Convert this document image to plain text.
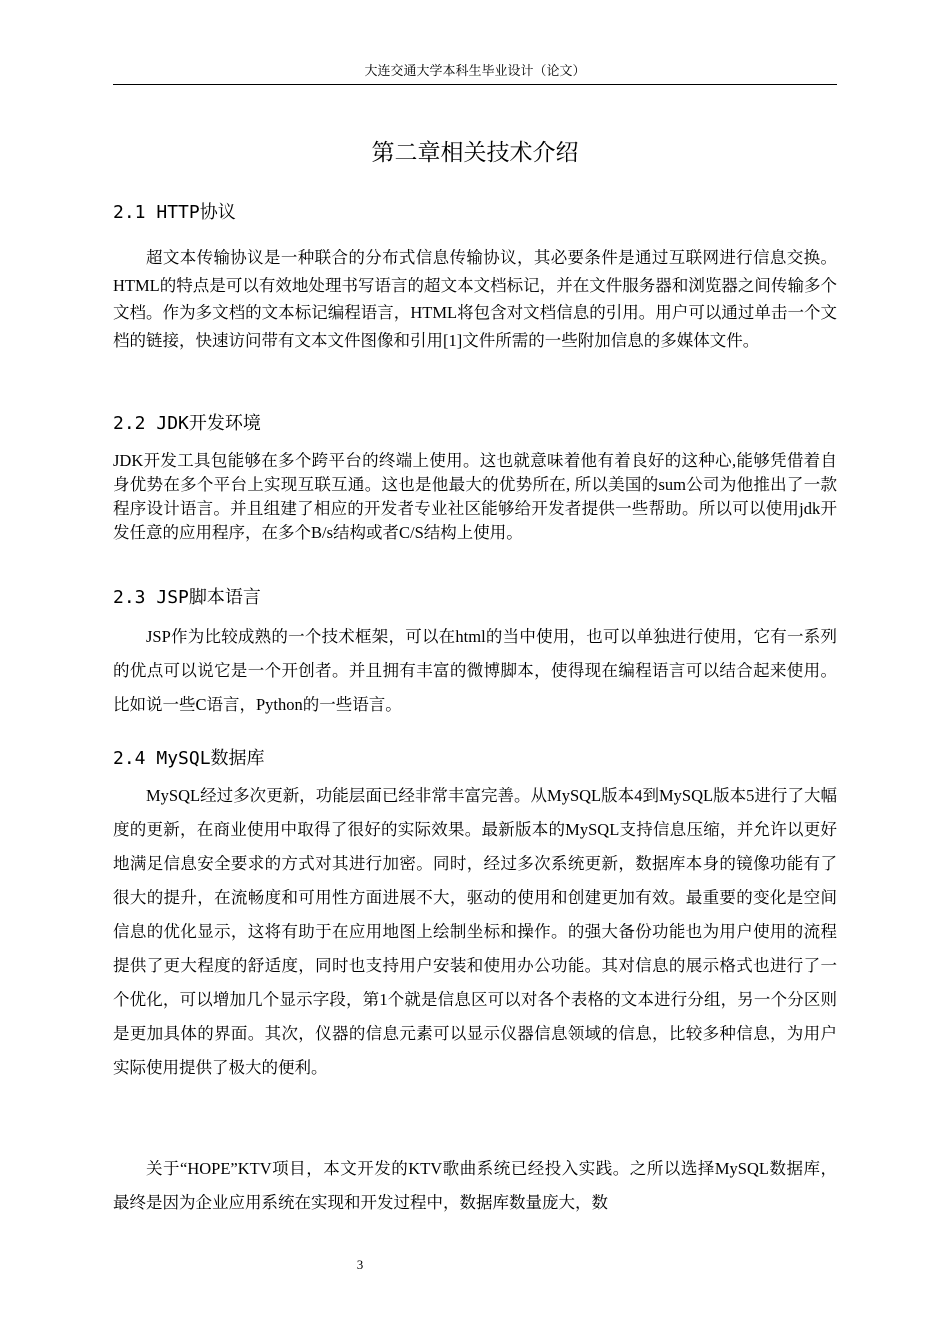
大连交通大学本科生毕业设计（论文）
第二章相关技术介绍
2.1 HTTP协议

超文本传输协议是一种联合的分布式信息传输协议，其必要条件是通过互联网进行信息交换。HTML的特点是可以有效地处理书写语言的超文本文档标记，并在文件服务器和浏览器之间传输多个文档。作为多文档的文本标记编程语言，HTML将包含对文档信息的引用。用户可以通过单击一个文档的链接，快速访问带有文本文件图像和引用[1]文件所需的一些附加信息的多媒体文件。

2.2 JDK开发环境

JDK开发工具包能够在多个跨平台的终端上使用。这也就意味着他有着良好的这种心,能够凭借着自身优势在多个平台上实现互联互通。这也是他最大的优势所在, 所以美国的sum公司为他推出了一款程序设计语言。并且组建了相应的开发者专业社区能够给开发者提供一些帮助。所以可以使用jdk开发任意的应用程序，在多个B/s结构或者C/S结构上使用。

2.3 JSP脚本语言

JSP作为比较成熟的一个技术框架，可以在html的当中使用，也可以单独进行使用，它有一系列的优点可以说它是一个开创者。并且拥有丰富的微博脚本，使得现在编程语言可以结合起来使用。比如说一些C语言，Python的一些语言。

2.4 MySQL数据库

MySQL经过多次更新，功能层面已经非常丰富完善。从MySQL版本4到MySQL版本5进行了大幅度的更新，在商业使用中取得了很好的实际效果。最新版本的MySQL支持信息压缩，并允许以更好地满足信息安全要求的方式对其进行加密。同时，经过多次系统更新，数据库本身的镜像功能有了很大的提升，在流畅度和可用性方面进展不大，驱动的使用和创建更加有效。最重要的变化是空间信息的优化显示，这将有助于在应用地图上绘制坐标和操作。的强大备份功能也为用户使用的流程提供了更大程度的舒适度，同时也支持用户安装和使用办公功能。其对信息的展示格式也进行了一个优化，可以增加几个显示字段，第1个就是信息区可以对各个表格的文本进行分组，另一个分区则是更加具体的界面。其次，仪器的信息元素可以显示仪器信息领域的信息，比较多种信息，为用户实际使用提供了极大的便利。

关于“HOPE”KTV项目，本文开发的KTV歌曲系统已经投入实践。之所以选择MySQL数据库，最终是因为企业应用系统在实现和开发过程中，数据库数量庞大，数

3
